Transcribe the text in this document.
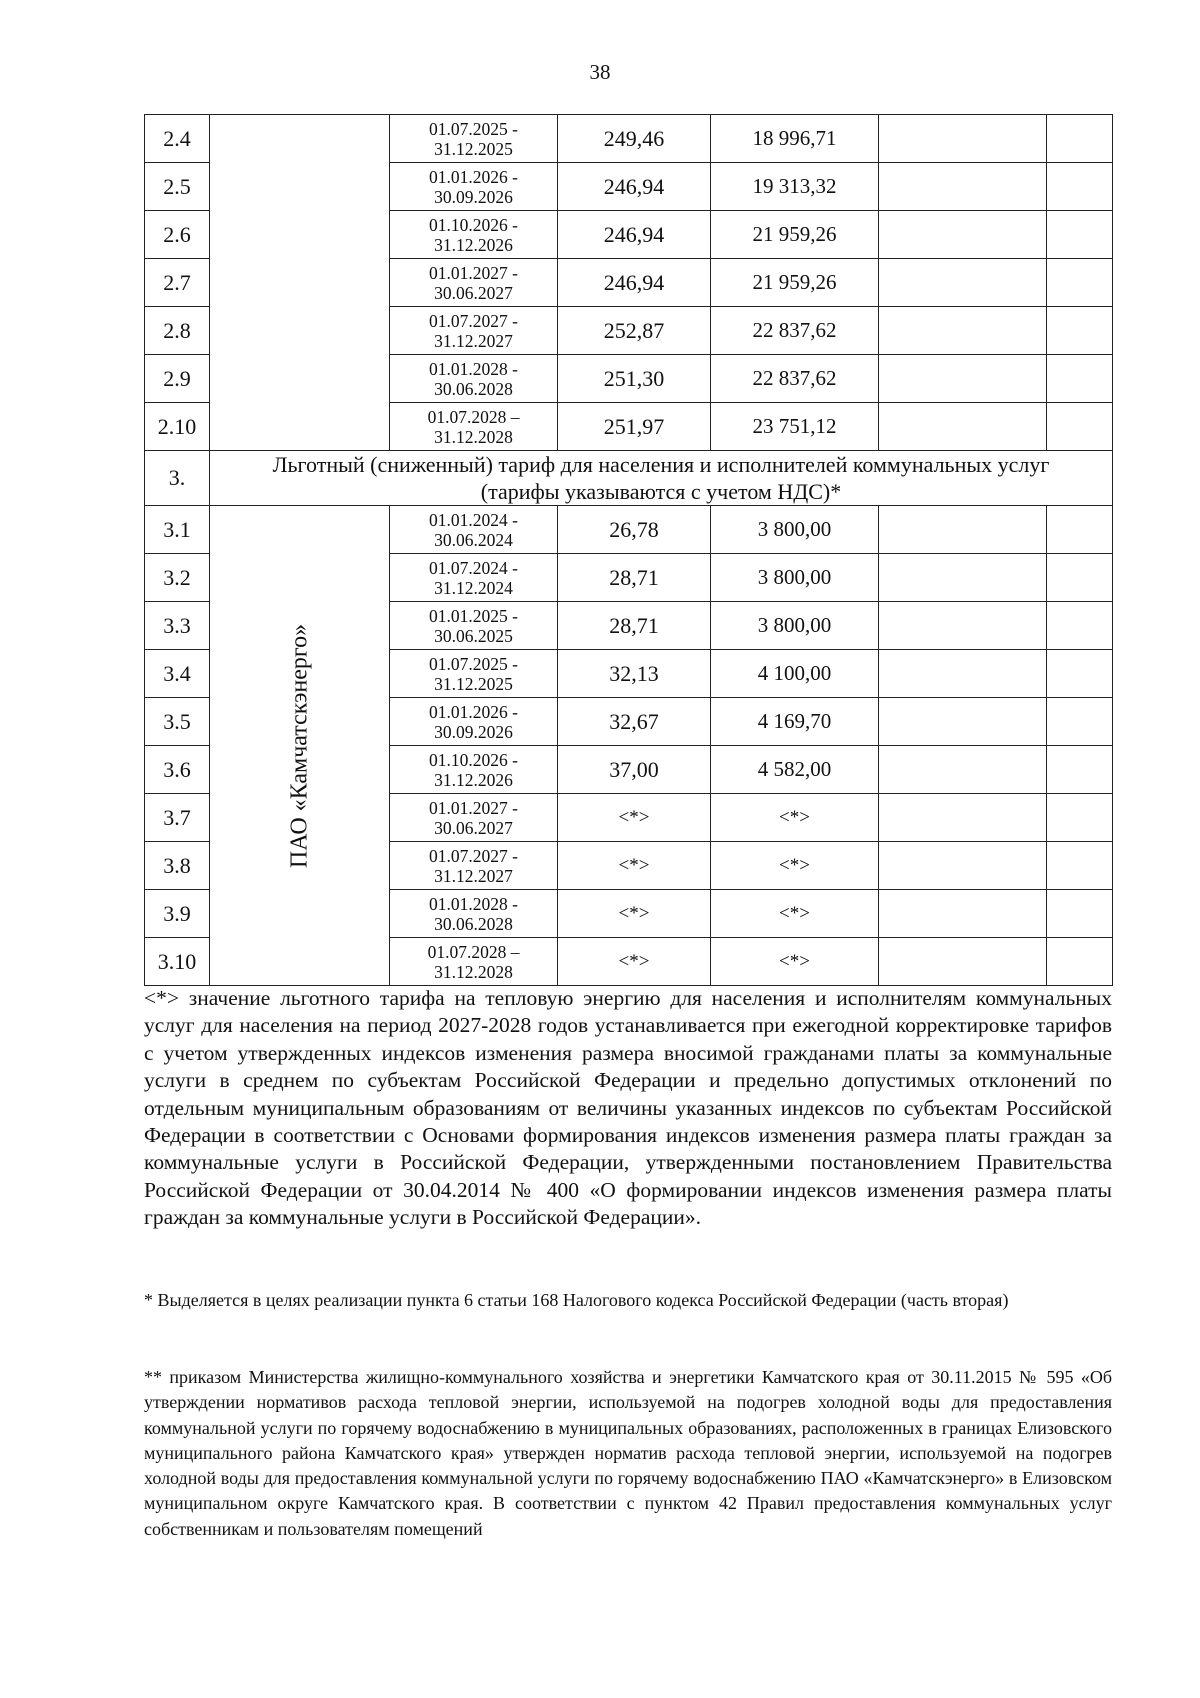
38
2.4		01.07.2025 -
31.12.2025	249,46	18 996,71		
2.5		01.01.2026 -
30.09.2026	246,94	19 313,32		
2.6		01.10.2026 -
31.12.2026	246,94	21 959,26		
2.7		01.01.2027 -
30.06.2027	246,94	21 959,26		
2.8		01.07.2027 -
31.12.2027	252,87	22 837,62		
2.9		01.01.2028 -
30.06.2028	251,30	22 837,62		
2.10		01.07.2028 –
31.12.2028	251,97	23 751,12		
3.	Льготный (сниженный) тариф для населения и исполнителей коммунальных услуг
(тарифы указываются с учетом НДС)*					

3.1	ПАО «Камчатскэнерго»	01.01.2024 -
30.06.2024	26,78	3 800,00		
3.2		01.07.2024 -
31.12.2024	28,71	3 800,00		
3.3		01.01.2025 -
30.06.2025	28,71	3 800,00		
3.4		01.07.2025 -
31.12.2025	32,13	4 100,00		
3.5		01.01.2026 -
30.09.2026	32,67	4 169,70		
3.6		01.10.2026 -
31.12.2026	37,00	4 582,00		
3.7		01.01.2027 -
30.06.2027	<*>	<*>		
3.8		01.07.2027 -
31.12.2027	<*>	<*>		
3.9		01.01.2028 -
30.06.2028	<*>	<*>		
3.10		01.07.2028 –
31.12.2028	<*>	<*>		

<*> значение льготного тарифа на тепловую энергию для населения и исполнителям коммунальных услуг для населения на период 2027-2028 годов устанавливается при ежегодной корректировке тарифов с учетом утвержденных индексов изменения размера вносимой гражданами платы за коммунальные услуги в среднем по субъектам Российской Федерации и предельно допустимых отклонений по отдельным муниципальным образованиям от величины указанных индексов по субъектам Российской Федерации в соответствии с Основами формирования индексов изменения размера платы граждан за коммунальные услуги в Российской Федерации, утвержденными постановлением Правительства Российской Федерации от 30.04.2014 № 400 «О формировании индексов изменения размера платы граждан за коммунальные услуги в Российской Федерации».

* Выделяется в целях реализации пункта 6 статьи 168 Налогового кодекса Российской Федерации (часть вторая)

** приказом Министерства жилищно-коммунального хозяйства и энергетики Камчатского края от 30.11.2015 № 595 «Об утверждении нормативов расхода тепловой энергии, используемой на подогрев холодной воды для предоставления коммунальной услуги по горячему водоснабжению в муниципальных образованиях, расположенных в границах Елизовского муниципального района Камчатского края» утвержден норматив расхода тепловой энергии, используемой на подогрев холодной воды для предоставления коммунальной услуги по горячему водоснабжению ПАО «Камчатскэнерго» в Елизовском муниципальном округе Камчатского края. В соответствии с пунктом 42 Правил предоставления коммунальных услуг собственникам и пользователям помещений
